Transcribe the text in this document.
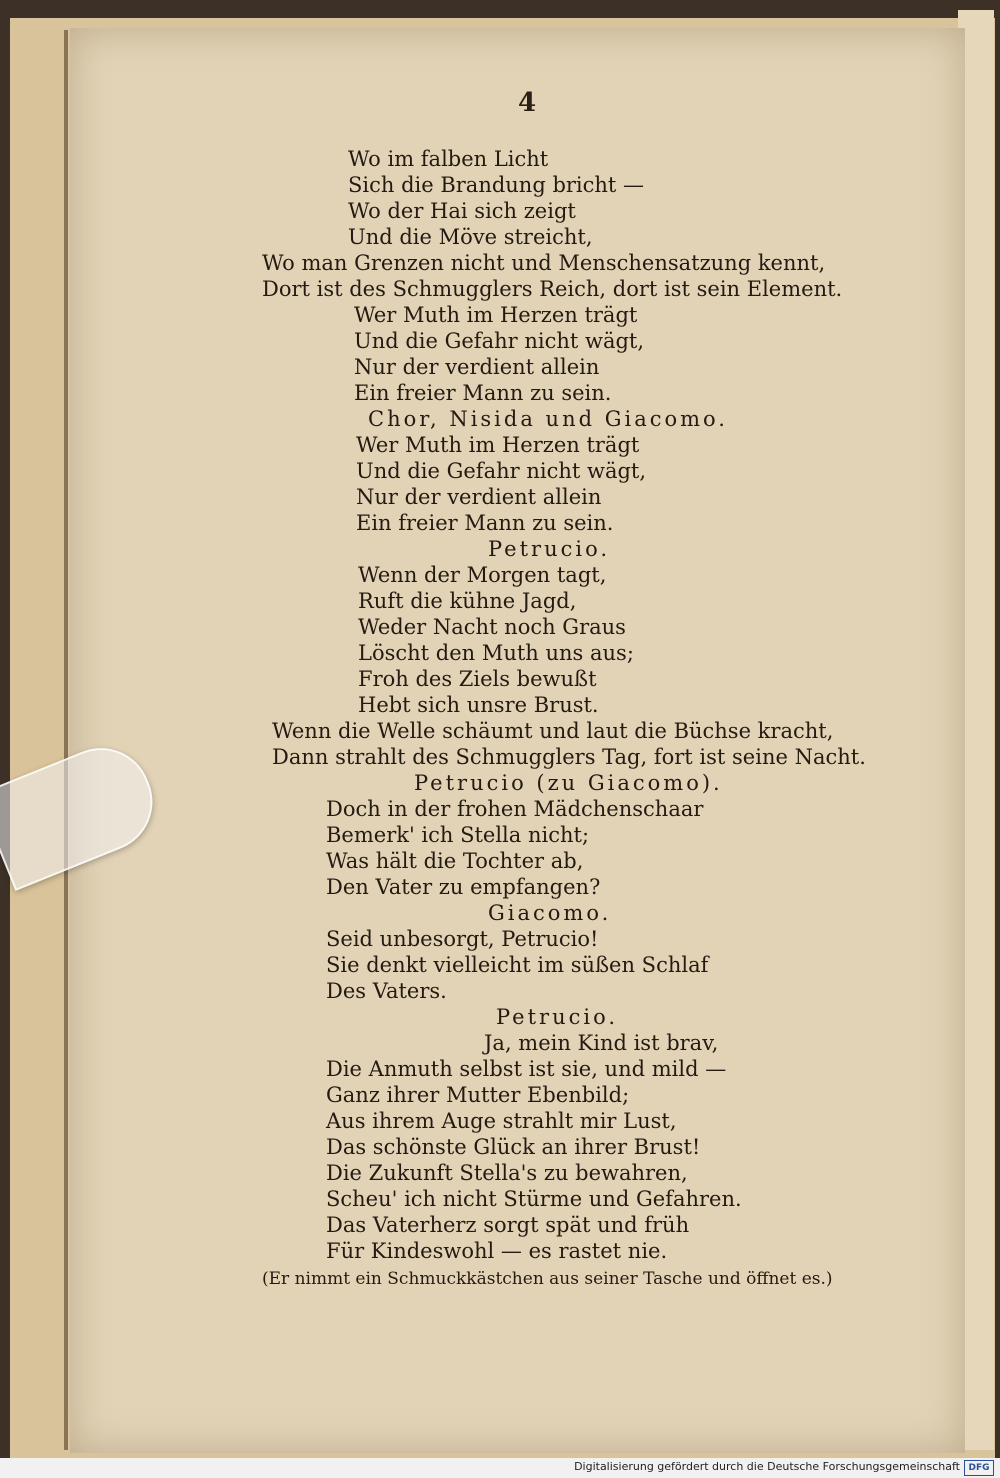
4
Wo im falben Licht
Sich die Brandung bricht —
Wo der Hai sich zeigt
Und die Möve streicht,
Wo man Grenzen nicht und Menschensatzung kennt,
Dort ist des Schmugglers Reich, dort ist sein Element.
Wer Muth im Herzen trägt
Und die Gefahr nicht wägt,
Nur der verdient allein
Ein freier Mann zu sein.
Chor, Nisida und Giacomo.
Wer Muth im Herzen trägt
Und die Gefahr nicht wägt,
Nur der verdient allein
Ein freier Mann zu sein.
Petrucio.
Wenn der Morgen tagt,
Ruft die kühne Jagd,
Weder Nacht noch Graus
Löscht den Muth uns aus;
Froh des Ziels bewußt
Hebt sich unsre Brust.
Wenn die Welle schäumt und laut die Büchse kracht,
Dann strahlt des Schmugglers Tag, fort ist seine Nacht.
Petrucio (zu Giacomo).
Doch in der frohen Mädchenschaar
Bemerk' ich Stella nicht;
Was hält die Tochter ab,
Den Vater zu empfangen?
Giacomo.
Seid unbesorgt, Petrucio!
Sie denkt vielleicht im süßen Schlaf
Des Vaters.
Petrucio.
Ja, mein Kind ist brav,
Die Anmuth selbst ist sie, und mild —
Ganz ihrer Mutter Ebenbild;
Aus ihrem Auge strahlt mir Lust,
Das schönste Glück an ihrer Brust!
Die Zukunft Stella's zu bewahren,
Scheu' ich nicht Stürme und Gefahren.
Das Vaterherz sorgt spät und früh
Für Kindeswohl — es rastet nie.
(Er nimmt ein Schmuckkästchen aus seiner Tasche und öffnet es.)
Digitalisierung gefördert durch die Deutsche Forschungsgemeinschaft DFG
